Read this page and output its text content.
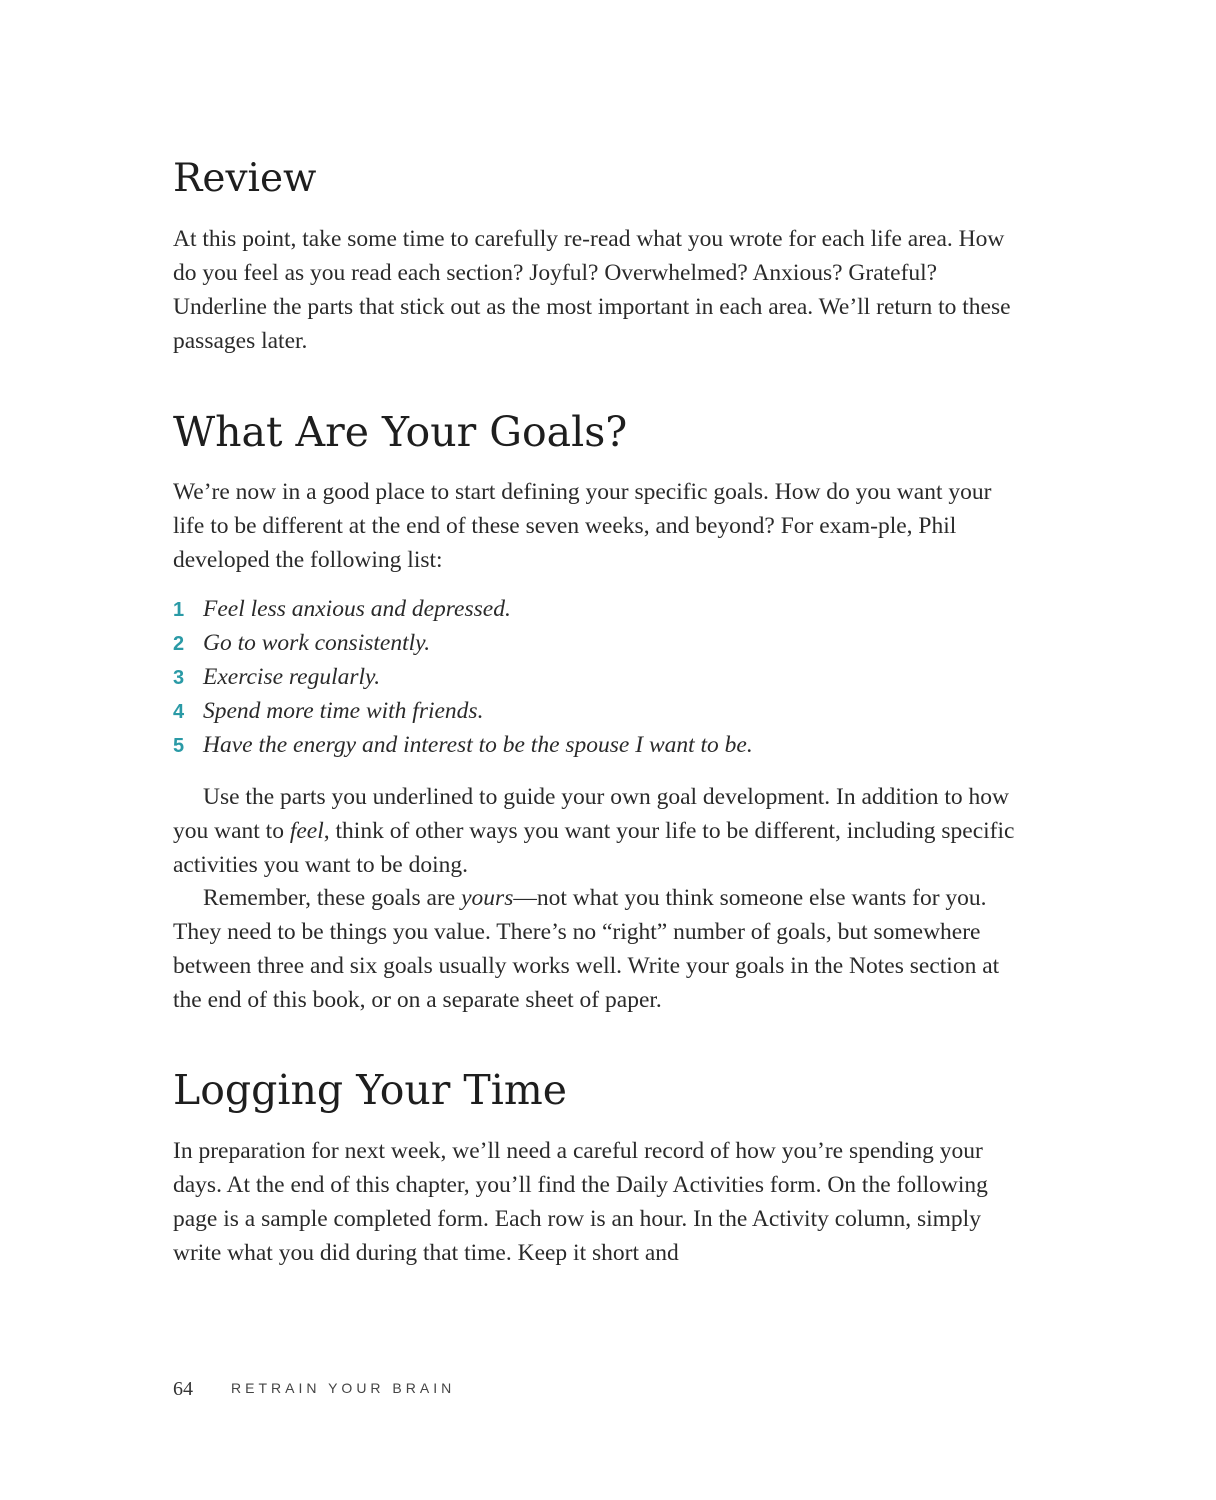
Review

At this point, take some time to carefully re-read what you wrote for each life area. How do you feel as you read each section? Joyful? Overwhelmed? Anxious? Grateful? Underline the parts that stick out as the most important in each area. We’ll return to these passages later.

What Are Your Goals?

We’re now in a good place to start defining your specific goals. How do you want your life to be different at the end of these seven weeks, and beyond? For exam-ple, Phil developed the following list:

1 Feel less anxious and depressed.
2 Go to work consistently.
3 Exercise regularly.
4 Spend more time with friends.
5 Have the energy and interest to be the spouse I want to be.

Use the parts you underlined to guide your own goal development. In addition to how you want to feel, think of other ways you want your life to be different, including specific activities you want to be doing.

Remember, these goals are yours—not what you think someone else wants for you. They need to be things you value. There’s no “right” number of goals, but somewhere between three and six goals usually works well. Write your goals in the Notes section at the end of this book, or on a separate sheet of paper.

Logging Your Time

In preparation for next week, we’ll need a careful record of how you’re spending your days. At the end of this chapter, you’ll find the Daily Activities form. On the following page is a sample completed form. Each row is an hour. In the Activity column, simply write what you did during that time. Keep it short and

64	RETRAIN YOUR BRAIN
